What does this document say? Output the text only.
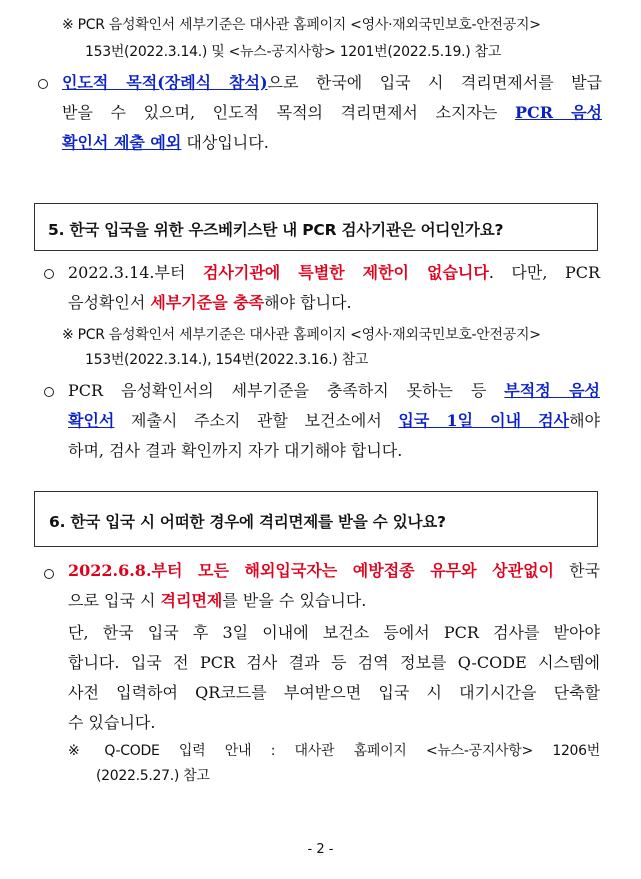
※ PCR 음성확인서 세부기준은 대사관 홈페이지 <영사·재외국민보호-안전공지>
153번(2022.3.14.) 및 <뉴스-공지사항> 1201번(2022.5.19.) 참고
인도적 목적(장례식 참석)으로 한국에 입국 시 격리면제서를 발급
받을 수 있으며, 인도적 목적의 격리면제서 소지자는 PCR 음성
확인서 제출 예외 대상입니다.
5. 한국 입국을 위한 우즈베키스탄 내 PCR 검사기관은 어디인가요?
2022.3.14.부터 검사기관에 특별한 제한이 없습니다. 다만, PCR
음성확인서 세부기준을 충족해야 합니다.
※ PCR 음성확인서 세부기준은 대사관 홈페이지 <영사·재외국민보호-안전공지>
153번(2022.3.14.), 154번(2022.3.16.) 참고
PCR 음성확인서의 세부기준을 충족하지 못하는 등 부적정 음성
확인서 제출시 주소지 관할 보건소에서 입국 1일 이내 검사해야
하며, 검사 결과 확인까지 자가 대기해야 합니다.
6. 한국 입국 시 어떠한 경우에 격리면제를 받을 수 있나요?
2022.6.8.부터 모든 해외입국자는 예방접종 유무와 상관없이 한국
으로 입국 시 격리면제를 받을 수 있습니다.
단, 한국 입국 후 3일 이내에 보건소 등에서 PCR 검사를 받아야
합니다. 입국 전 PCR 검사 결과 등 검역 정보를 Q-CODE 시스템에
사전 입력하여 QR코드를 부여받으면 입국 시 대기시간을 단축할
수 있습니다.
※  Q-CODE  입력  안내  :  대사관  홈페이지  <뉴스-공지사항>  1206번
(2022.5.27.) 참고
- 2 -
